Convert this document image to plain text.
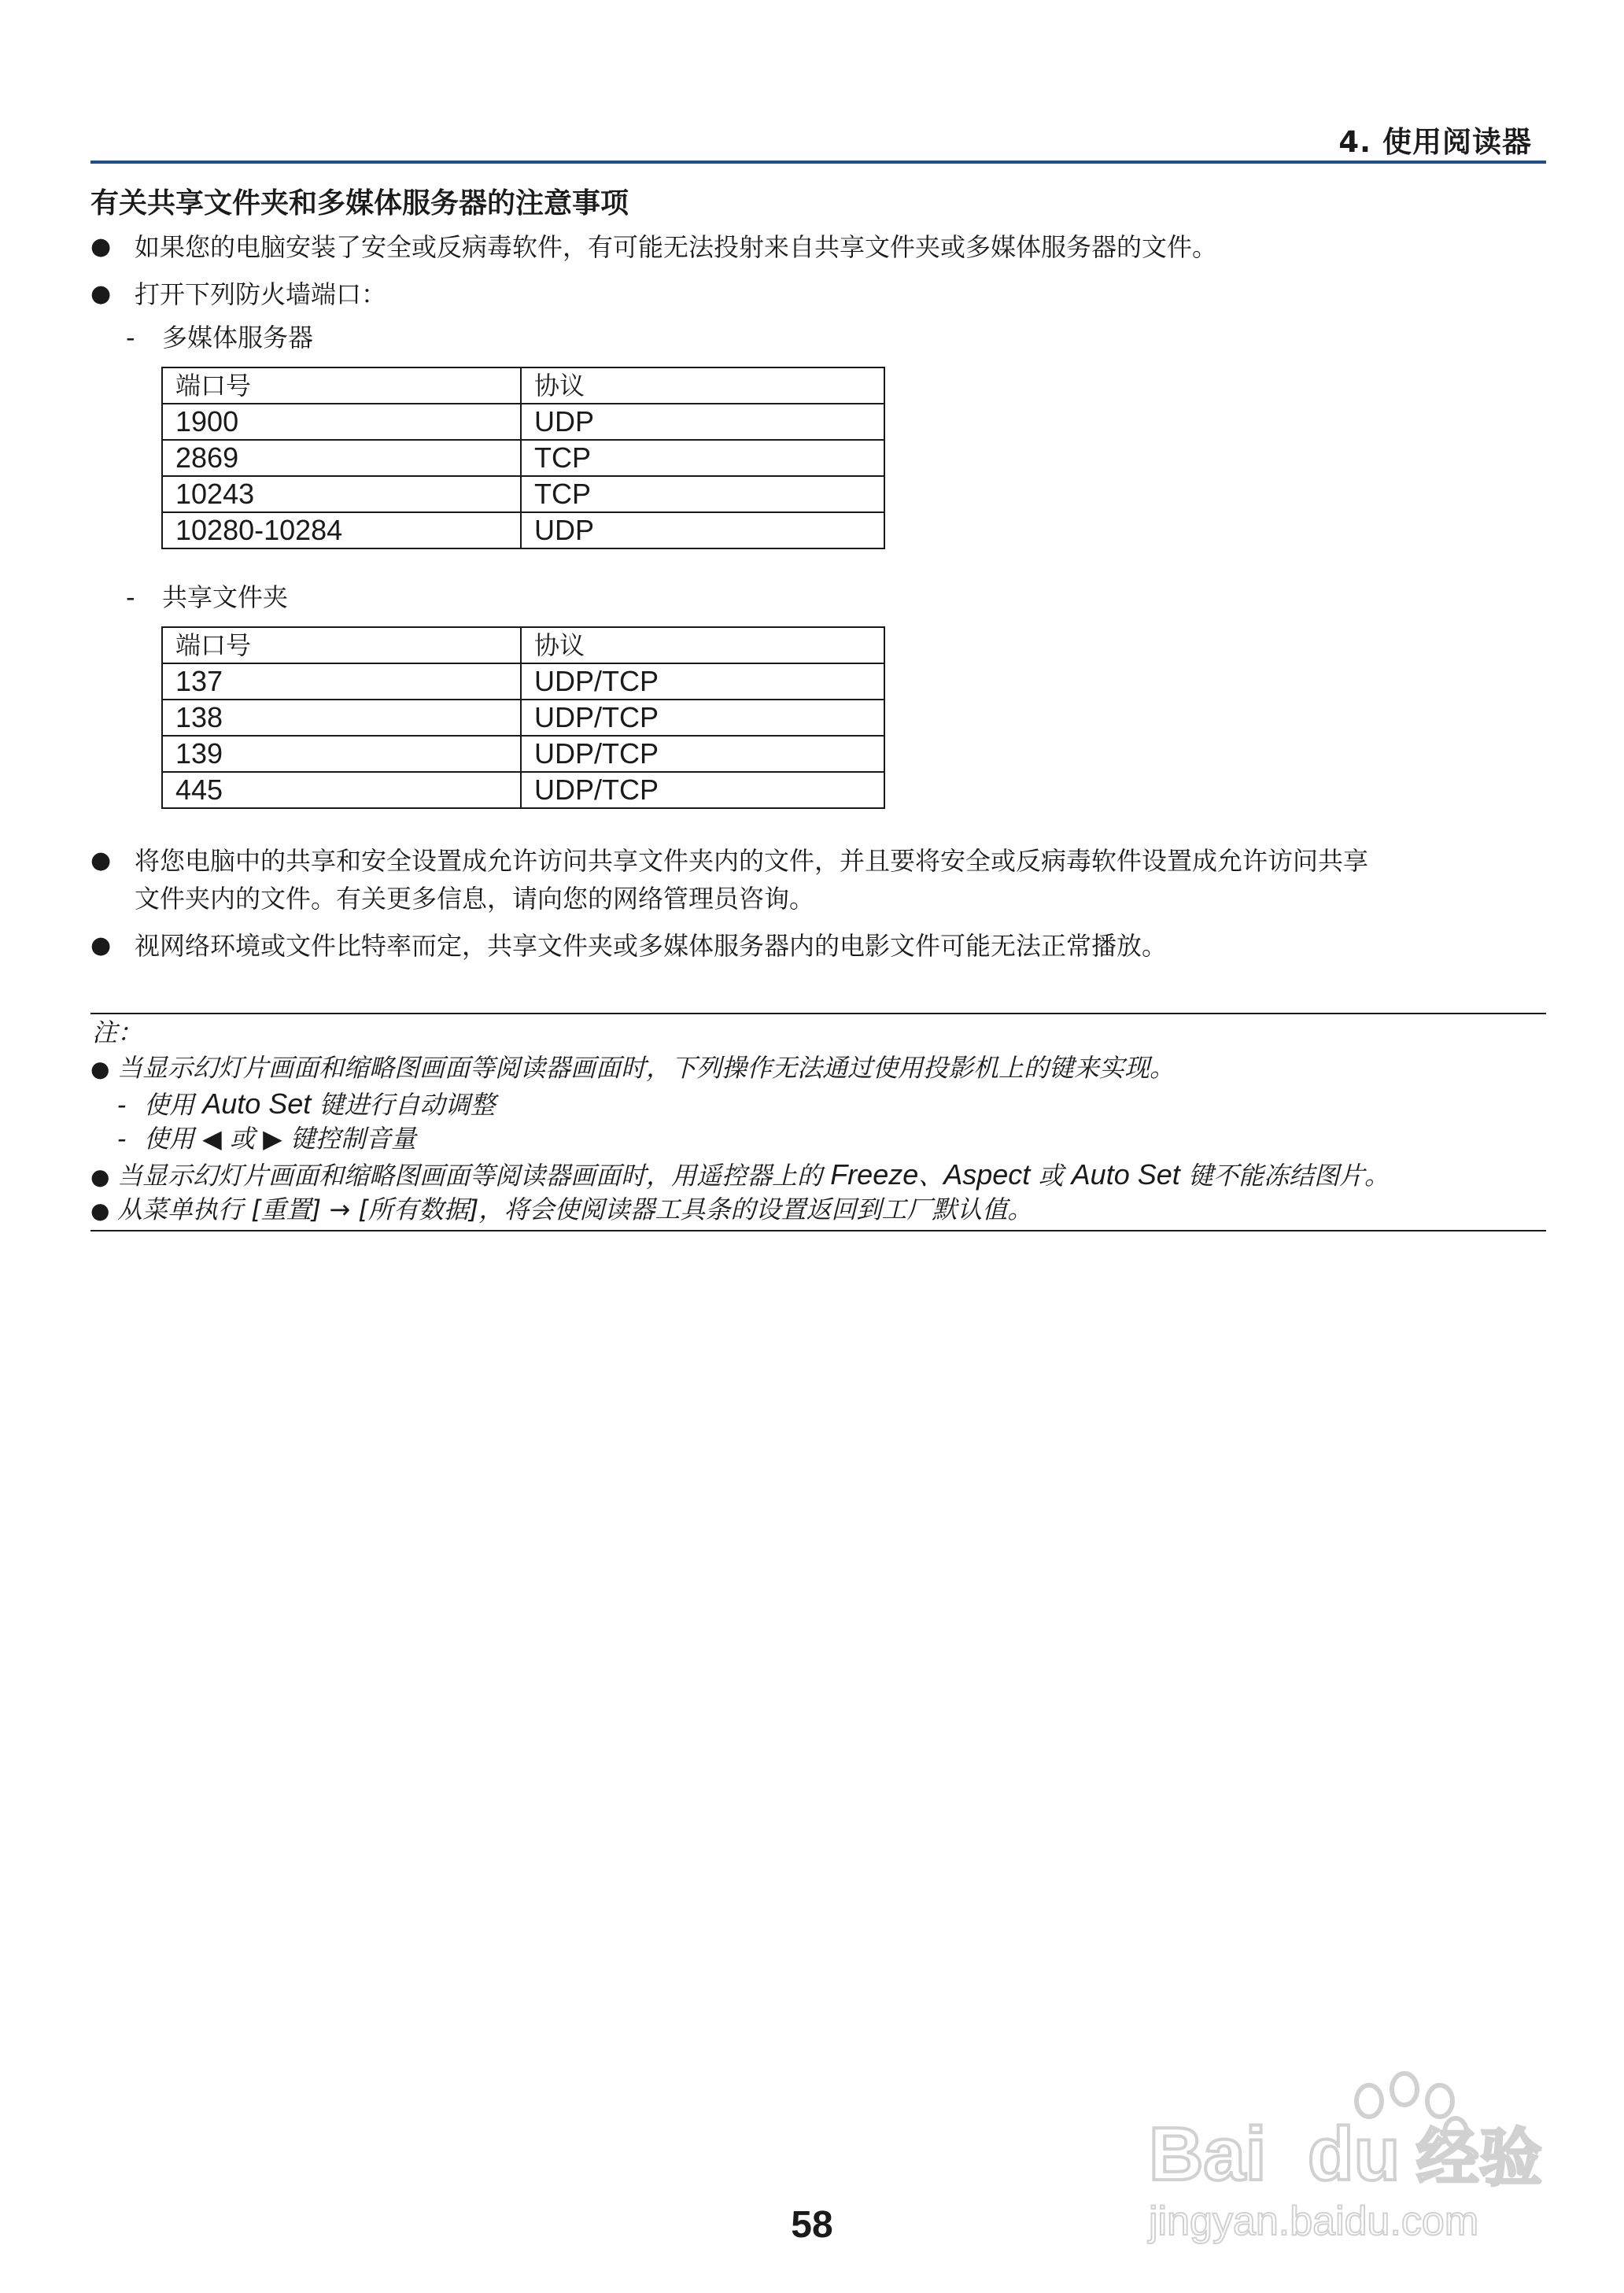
4. 使用阅读器
有关共享文件夹和多媒体服务器的注意事项
● 如果您的电脑安装了安全或反病毒软件，有可能无法投射来自共享文件夹或多媒体服务器的文件。
● 打开下列防火墙端口：
- 多媒体服务器
端口号	协议
1900	UDP
2869	TCP
10243	TCP
10280-10284	UDP
- 共享文件夹
端口号	协议
137	UDP/TCP
138	UDP/TCP
139	UDP/TCP
445	UDP/TCP
● 将您电脑中的共享和安全设置成允许访问共享文件夹内的文件，并且要将安全或反病毒软件设置成允许访问共享
文件夹内的文件。有关更多信息，请向您的网络管理员咨询。
● 视网络环境或文件比特率而定，共享文件夹或多媒体服务器内的电影文件可能无法正常播放。
注：
● 当显示幻灯片画面和缩略图画面等阅读器画面时，下列操作无法通过使用投影机上的键来实现。
- 使用 Auto Set 键进行自动调整
- 使用 ◀ 或 ▶ 键控制音量
● 当显示幻灯片画面和缩略图画面等阅读器画面时，用遥控器上的 Freeze、Aspect 或 Auto Set 键不能冻结图片。
● 从菜单执行 [重置] → [所有数据]，将会使阅读器工具条的设置返回到工厂默认值。
58
Bai du 经验
jingyan.baidu.com
